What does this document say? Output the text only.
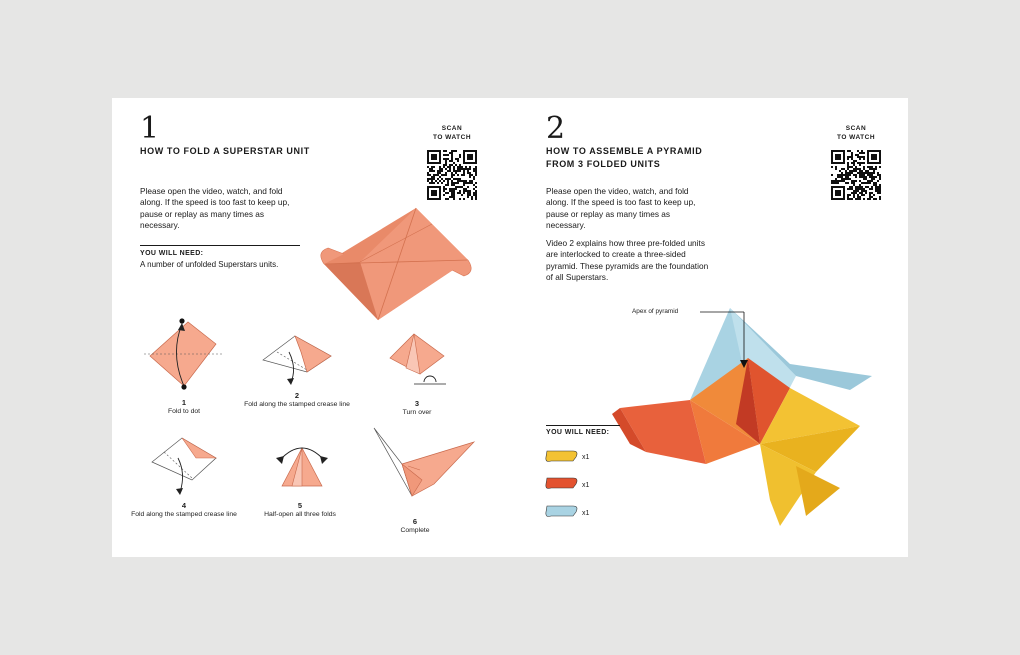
1
HOW TO FOLD A SUPERSTAR UNIT
SCAN
TO WATCH
Please open the video, watch, and fold along. If the speed is too fast to keep up, pause or replay as many times as necessary.
YOU WILL NEED:
A number of unfolded Superstars units.
1
Fold to dot
2
Fold along the stamped crease line	3
Turn over
4
Fold along the stamped crease line
5
Half-open all three folds
6
Complete
2
HOW TO ASSEMBLE A PYRAMID
FROM 3 FOLDED UNITS
SCAN
TO WATCH
Please open the video, watch, and fold along. If the speed is too fast to keep up, pause or replay as many times as necessary.
Video 2 explains how three pre-folded units are interlocked to create a three-sided pyramid. These pyramids are the foundation of all Superstars.
Apex of pyramid
YOU WILL NEED:
x1
x1
x1
